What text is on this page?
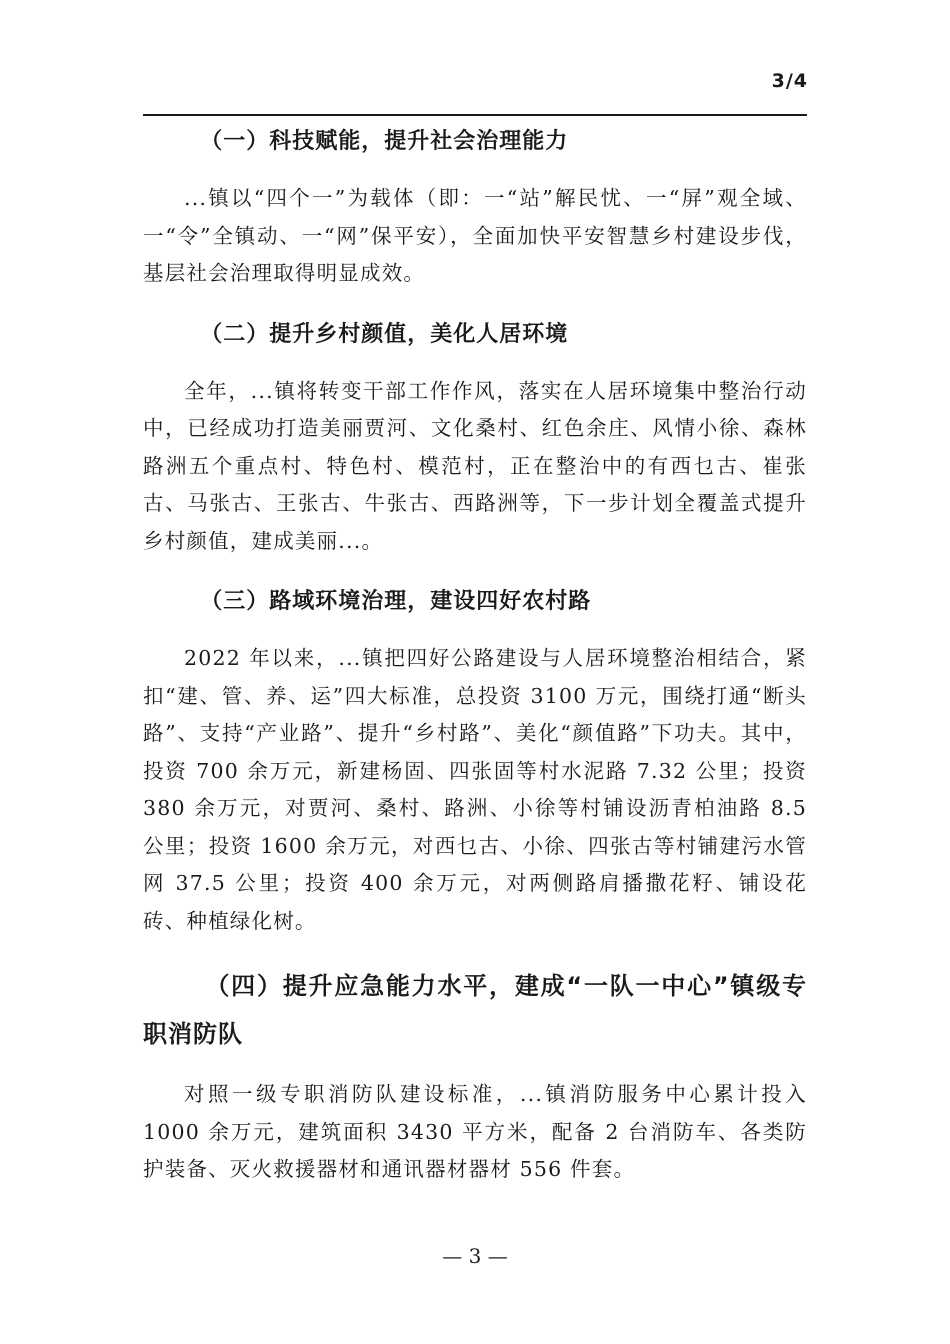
3/4
（一）科技赋能，提升社会治理能力

...镇以“四个一”为载体（即：一“站”解民忧、一“屏”观全域、一“令”全镇动、一“网”保平安），全面加快平安智慧乡村建设步伐，基层社会治理取得明显成效。

（二）提升乡村颜值，美化人居环境

全年，...镇将转变干部工作作风，落实在人居环境集中整治行动中，已经成功打造美丽贾河、文化桑村、红色余庄、风情小徐、森林路洲五个重点村、特色村、模范村，正在整治中的有西乜古、崔张古、马张古、王张古、牛张古、西路洲等，下一步计划全覆盖式提升乡村颜值，建成美丽...。

（三）路域环境治理，建设四好农村路

2022 年以来，...镇把四好公路建设与人居环境整治相结合，紧扣“建、管、养、运”四大标准，总投资 3100 万元，围绕打通“断头路”、支持“产业路”、提升“乡村路”、美化“颜值路”下功夫。其中，投资 700 余万元，新建杨固、四张固等村水泥路 7.32 公里；投资 380 余万元，对贾河、桑村、路洲、小徐等村铺设沥青柏油路 8.5 公里；投资 1600 余万元，对西乜古、小徐、四张古等村铺建污水管网 37.5 公里；投资 400 余万元，对两侧路肩播撒花籽、铺设花砖、种植绿化树。

（四）提升应急能力水平，建成“一队一中心”镇级专职消防队

对照一级专职消防队建设标准，...镇消防服务中心累计投入 1000 余万元，建筑面积 3430 平方米，配备 2 台消防车、各类防护装备、灭火救援器材和通讯器材器材 556 件套。

— 3 —
